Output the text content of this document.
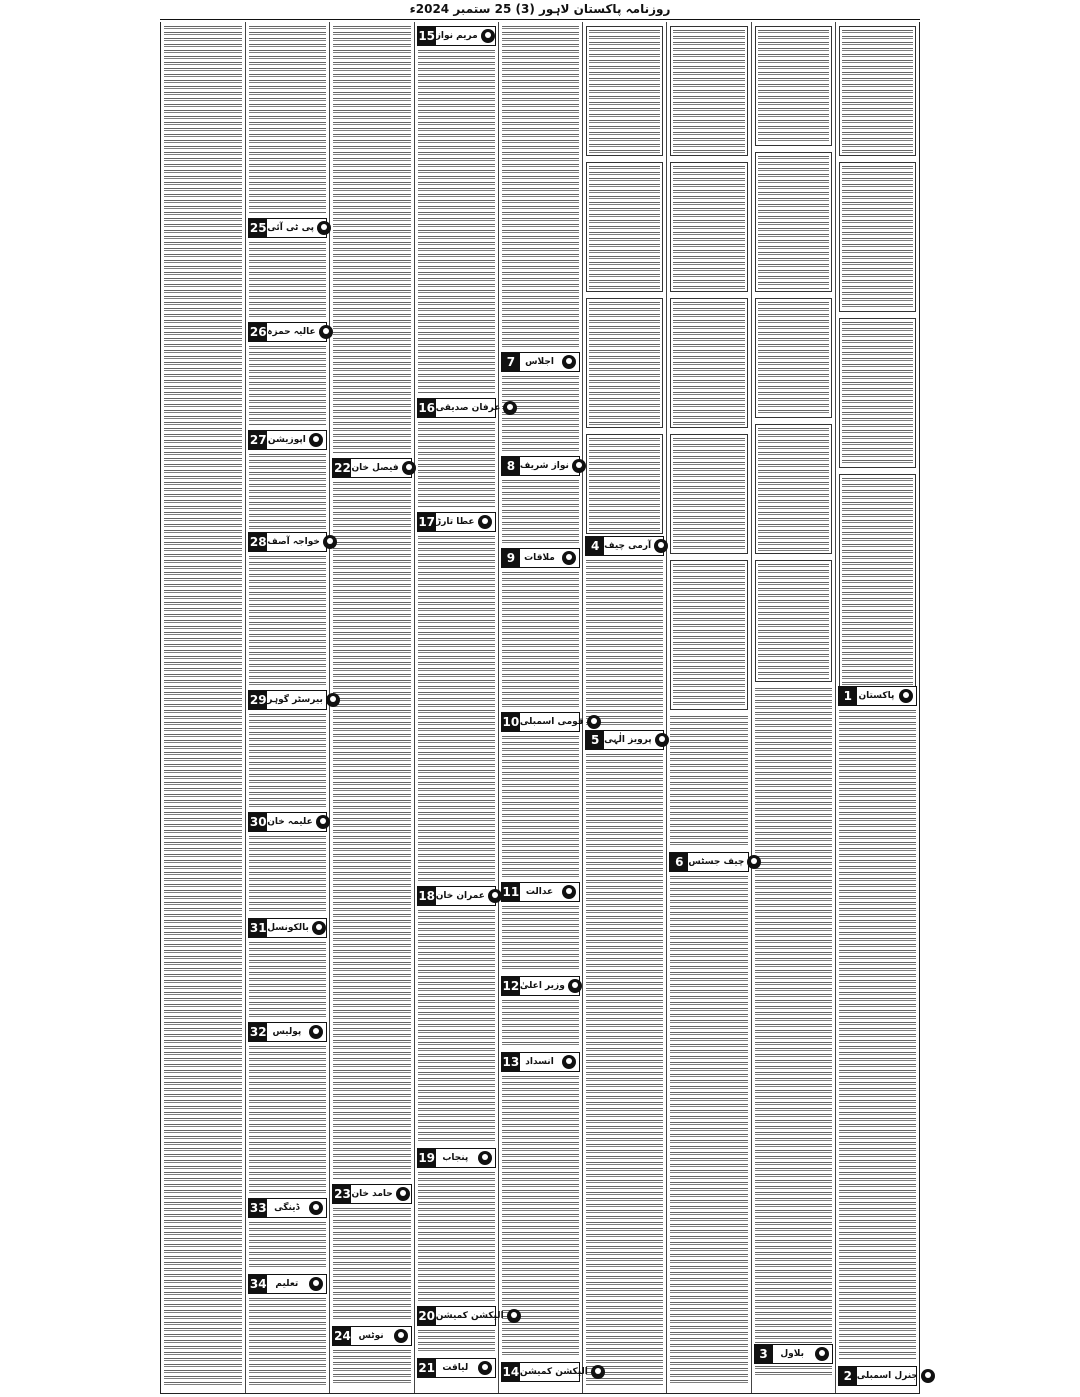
روزنامہ پاکستان لاہور (3) 25 ستمبر 2024ء
1 پاکستان
2 جنرل اسمبلی
3	بلاول
6 چیف جسٹس
4 آرمی چیف
5 پرویز الٰہی
7	اجلاس
8 نواز شریف
9	ملاقات
10 قومی اسمبلی
11 عدالت
12 وزیر اعلیٰ
13 انسداد
14 الیکشن کمیشن
15 مریم نواز
16 عرفان صدیقی
17 عطا تارڑ
18 عمران خان
19 پنجاب
20 الیکشن کمیشن
21 لیاقت
22 فیصل خان
23 حامد خان
24 نوٹس
25 پی ٹی آئی
26 عالیہ حمزہ
27 اپوزیشن
28 خواجہ آصف
29 بیرسٹر گوہر
30 علیمہ خان
31 بالکونسل
32 پولیس
33 ڈینگی
34 تعلیم
